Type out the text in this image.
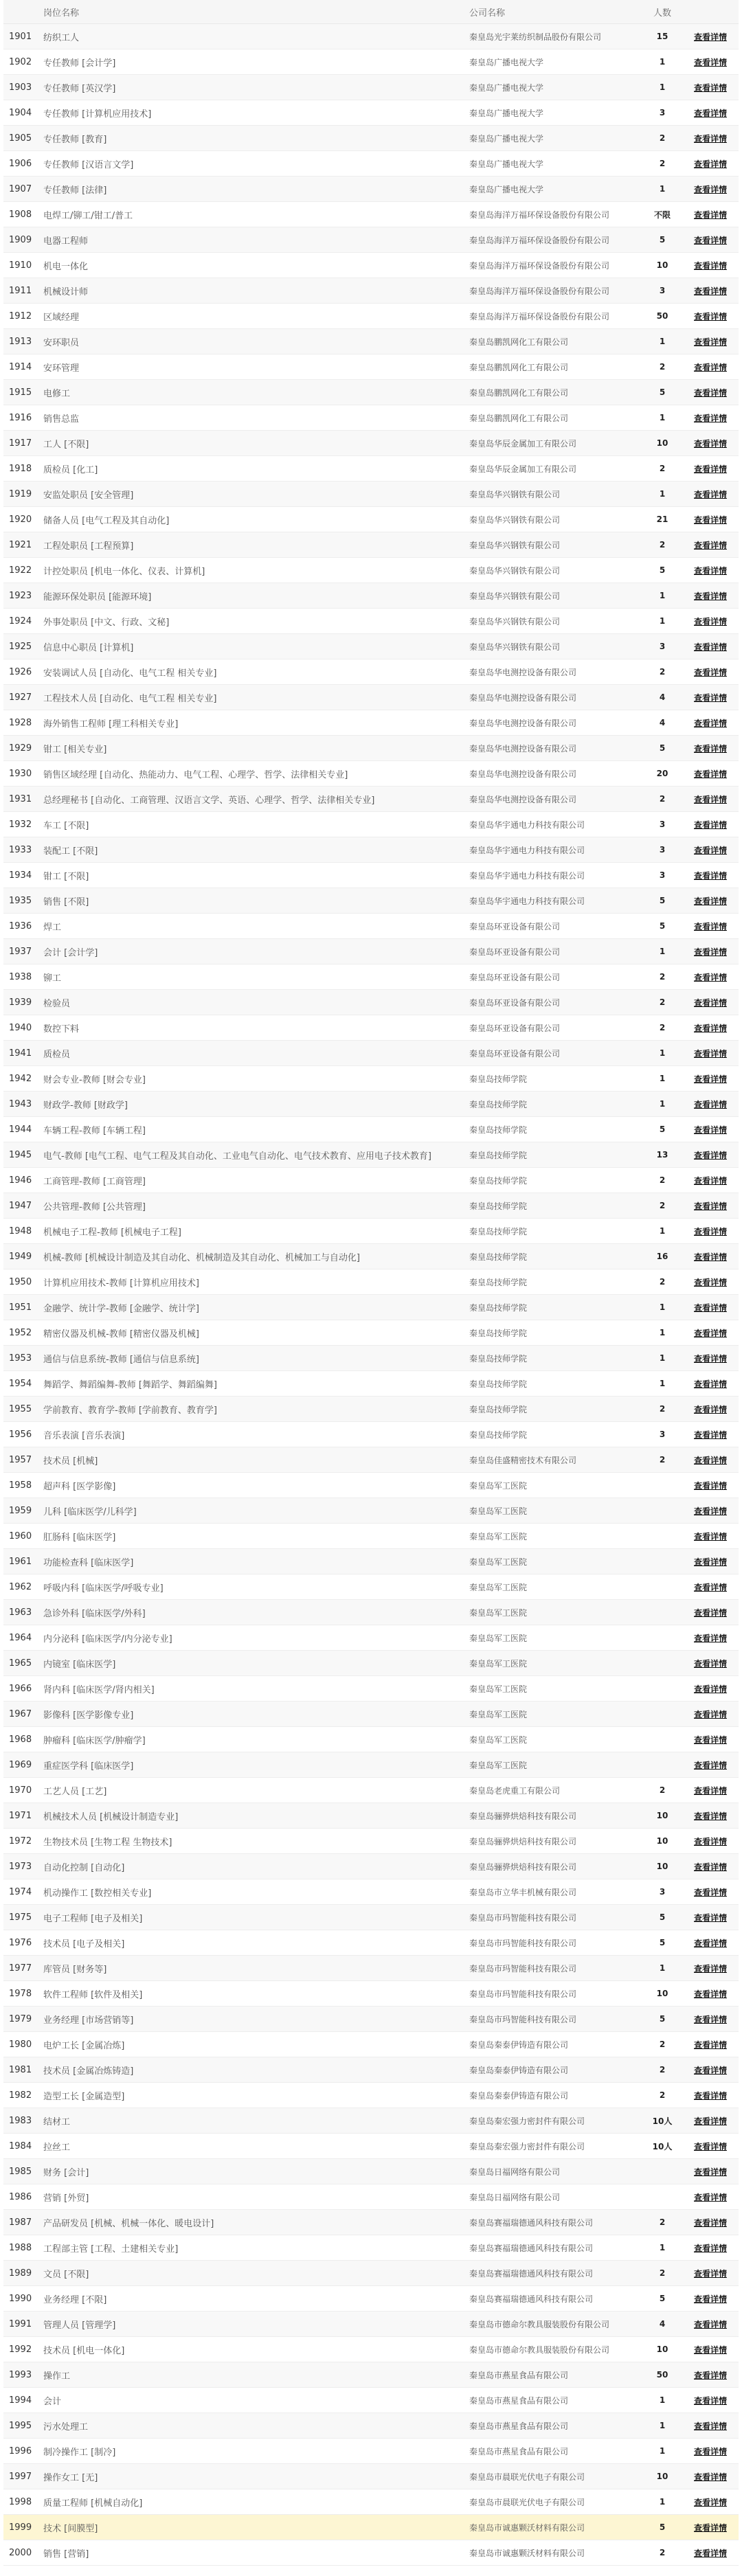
	岗位名称	公司名称	人数	
1901	纺织工人	秦皇岛光宇莱纺织制品股份有限公司	15	查看详情
1902	专任教师 [会计学]	秦皇岛广播电视大学	1	查看详情
1903	专任教师 [英汉学]	秦皇岛广播电视大学	1	查看详情
1904	专任教师 [计算机应用技术]	秦皇岛广播电视大学	3	查看详情
1905	专任教师 [教育]	秦皇岛广播电视大学	2	查看详情
1906	专任教师 [汉语言文学]	秦皇岛广播电视大学	2	查看详情
1907	专任教师 [法律]	秦皇岛广播电视大学	1	查看详情
1908	电焊工/铆工/钳工/普工	秦皇岛海洋万福环保设备股份有限公司	不限	查看详情
1909	电器工程师	秦皇岛海洋万福环保设备股份有限公司	5	查看详情
1910	机电一体化	秦皇岛海洋万福环保设备股份有限公司	10	查看详情
1911	机械设计师	秦皇岛海洋万福环保设备股份有限公司	3	查看详情
1912	区域经理	秦皇岛海洋万福环保设备股份有限公司	50	查看详情
1913	安环职员	秦皇岛鹏凯网化工有限公司	1	查看详情
1914	安环管理	秦皇岛鹏凯网化工有限公司	2	查看详情
1915	电修工	秦皇岛鹏凯网化工有限公司	5	查看详情
1916	销售总监	秦皇岛鹏凯网化工有限公司	1	查看详情
1917	工人 [不限]	秦皇岛华辰金属加工有限公司	10	查看详情
1918	质检员 [化工]	秦皇岛华辰金属加工有限公司	2	查看详情
1919	安监处职员 [安全管理]	秦皇岛华兴钢铁有限公司	1	查看详情
1920	储备人员 [电气工程及其自动化]	秦皇岛华兴钢铁有限公司	21	查看详情
1921	工程处职员 [工程预算]	秦皇岛华兴钢铁有限公司	2	查看详情
1922	计控处职员 [机电一体化、仪表、计算机]	秦皇岛华兴钢铁有限公司	5	查看详情
1923	能源环保处职员 [能源环境]	秦皇岛华兴钢铁有限公司	1	查看详情
1924	外事处职员 [中文、行政、文秘]	秦皇岛华兴钢铁有限公司	1	查看详情
1925	信息中心职员 [计算机]	秦皇岛华兴钢铁有限公司	3	查看详情
1926	安装调试人员 [自动化、电气工程 相关专业]	秦皇岛华电测控设备有限公司	2	查看详情
1927	工程技术人员 [自动化、电气工程 相关专业]	秦皇岛华电测控设备有限公司	4	查看详情
1928	海外销售工程师 [理工科相关专业]	秦皇岛华电测控设备有限公司	4	查看详情
1929	钳工 [相关专业]	秦皇岛华电测控设备有限公司	5	查看详情
1930	销售区域经理 [自动化、热能动力、电气工程、心理学、哲学、法律相关专业]	秦皇岛华电测控设备有限公司	20	查看详情
1931	总经理秘书 [自动化、工商管理、汉语言文学、英语、心理学、哲学、法律相关专业]	秦皇岛华电测控设备有限公司	2	查看详情
1932	车工 [不限]	秦皇岛华宇通电力科技有限公司	3	查看详情
1933	装配工 [不限]	秦皇岛华宇通电力科技有限公司	3	查看详情
1934	钳工 [不限]	秦皇岛华宇通电力科技有限公司	3	查看详情
1935	销售 [不限]	秦皇岛华宇通电力科技有限公司	5	查看详情
1936	焊工	秦皇岛环亚设备有限公司	5	查看详情
1937	会计 [会计学]	秦皇岛环亚设备有限公司	1	查看详情
1938	铆工	秦皇岛环亚设备有限公司	2	查看详情
1939	检验员	秦皇岛环亚设备有限公司	2	查看详情
1940	数控下料	秦皇岛环亚设备有限公司	2	查看详情
1941	质检员	秦皇岛环亚设备有限公司	1	查看详情
1942	财会专业-教师 [财会专业]	秦皇岛技师学院	1	查看详情
1943	财政学-教师 [财政学]	秦皇岛技师学院	1	查看详情
1944	车辆工程-教师 [车辆工程]	秦皇岛技师学院	5	查看详情
1945	电气-教师 [电气工程、电气工程及其自动化、工业电气自动化、电气技术教育、应用电子技术教育]	秦皇岛技师学院	13	查看详情
1946	工商管理-教师 [工商管理]	秦皇岛技师学院	2	查看详情
1947	公共管理-教师 [公共管理]	秦皇岛技师学院	2	查看详情
1948	机械电子工程-教师 [机械电子工程]	秦皇岛技师学院	1	查看详情
1949	机械-教师 [机械设计制造及其自动化、机械制造及其自动化、机械加工与自动化]	秦皇岛技师学院	16	查看详情
1950	计算机应用技术-教师 [计算机应用技术]	秦皇岛技师学院	2	查看详情
1951	金融学、统计学-教师 [金融学、统计学]	秦皇岛技师学院	1	查看详情
1952	精密仪器及机械-教师 [精密仪器及机械]	秦皇岛技师学院	1	查看详情
1953	通信与信息系统-教师 [通信与信息系统]	秦皇岛技师学院	1	查看详情
1954	舞蹈学、舞蹈编舞-教师 [舞蹈学、舞蹈编舞]	秦皇岛技师学院	1	查看详情
1955	学前教育、教育学-教师 [学前教育、教育学]	秦皇岛技师学院	2	查看详情
1956	音乐表演 [音乐表演]	秦皇岛技师学院	3	查看详情
1957	技术员 [机械]	秦皇岛佳盛精密技术有限公司	2	查看详情
1958	超声科 [医学影像]	秦皇岛军工医院		查看详情
1959	儿科 [临床医学/儿科学]	秦皇岛军工医院		查看详情
1960	肛肠科 [临床医学]	秦皇岛军工医院		查看详情
1961	功能检查科 [临床医学]	秦皇岛军工医院		查看详情
1962	呼吸内科 [临床医学/呼吸专业]	秦皇岛军工医院		查看详情
1963	急诊外科 [临床医学/外科]	秦皇岛军工医院		查看详情
1964	内分泌科 [临床医学/内分泌专业]	秦皇岛军工医院		查看详情
1965	内镜室 [临床医学]	秦皇岛军工医院		查看详情
1966	肾内科 [临床医学/肾内相关]	秦皇岛军工医院		查看详情
1967	影像科 [医学影像专业]	秦皇岛军工医院		查看详情
1968	肿瘤科 [临床医学/肿瘤学]	秦皇岛军工医院		查看详情
1969	重症医学科 [临床医学]	秦皇岛军工医院		查看详情
1970	工艺人员 [工艺]	秦皇岛老虎重工有限公司	2	查看详情
1971	机械技术人员 [机械设计制造专业]	秦皇岛骊骅烘焙科技有限公司	10	查看详情
1972	生物技术员 [生物工程 生物技术]	秦皇岛骊骅烘焙科技有限公司	10	查看详情
1973	自动化控制 [自动化]	秦皇岛骊骅烘焙科技有限公司	10	查看详情
1974	机动操作工 [数控相关专业]	秦皇岛市立华丰机械有限公司	3	查看详情
1975	电子工程师 [电子及相关]	秦皇岛市玛智能科技有限公司	5	查看详情
1976	技术员 [电子及相关]	秦皇岛市玛智能科技有限公司	5	查看详情
1977	库管员 [财务等]	秦皇岛市玛智能科技有限公司	1	查看详情
1978	软件工程师 [软件及相关]	秦皇岛市玛智能科技有限公司	10	查看详情
1979	业务经理 [市场营销等]	秦皇岛市玛智能科技有限公司	5	查看详情
1980	电炉工长 [金属冶炼]	秦皇岛秦泰伊铸造有限公司	2	查看详情
1981	技术员 [金属冶炼铸造]	秦皇岛秦泰伊铸造有限公司	2	查看详情
1982	造型工长 [金属造型]	秦皇岛秦泰伊铸造有限公司	2	查看详情
1983	结材工	秦皇岛秦宏强力密封件有限公司	10人	查看详情
1984	拉丝工	秦皇岛秦宏强力密封件有限公司	10人	查看详情
1985	财务 [会计]	秦皇岛日福网络有限公司		查看详情
1986	营销 [外贸]	秦皇岛日福网络有限公司		查看详情
1987	产品研发员 [机械、机械一体化、暖电设计]	秦皇岛赛福瑞德通风科技有限公司	2	查看详情
1988	工程部主管 [工程、土建相关专业]	秦皇岛赛福瑞德通风科技有限公司	1	查看详情
1989	文员 [不限]	秦皇岛赛福瑞德通风科技有限公司	2	查看详情
1990	业务经理 [不限]	秦皇岛赛福瑞德通风科技有限公司	5	查看详情
1991	管理人员 [管理学]	秦皇岛市德命尔教具服装股份有限公司	4	查看详情
1992	技术员 [机电一体化]	秦皇岛市德命尔教具服装股份有限公司	10	查看详情
1993	操作工	秦皇岛市燕星食品有限公司	50	查看详情
1994	会计	秦皇岛市燕星食品有限公司	1	查看详情
1995	污水处理工	秦皇岛市燕星食品有限公司	1	查看详情
1996	制冷操作工 [制冷]	秦皇岛市燕星食品有限公司	1	查看详情
1997	操作女工 [无]	秦皇岛市晨联光伏电子有限公司	10	查看详情
1998	质量工程师 [机械自动化]	秦皇岛市晨联光伏电子有限公司	1	查看详情
1999	技术 [间膜型]	秦皇岛市诚惠颗沃材料有限公司	5	查看详情
2000	销售 [营销]	秦皇岛市诚惠颗沃材料有限公司	2	查看详情
